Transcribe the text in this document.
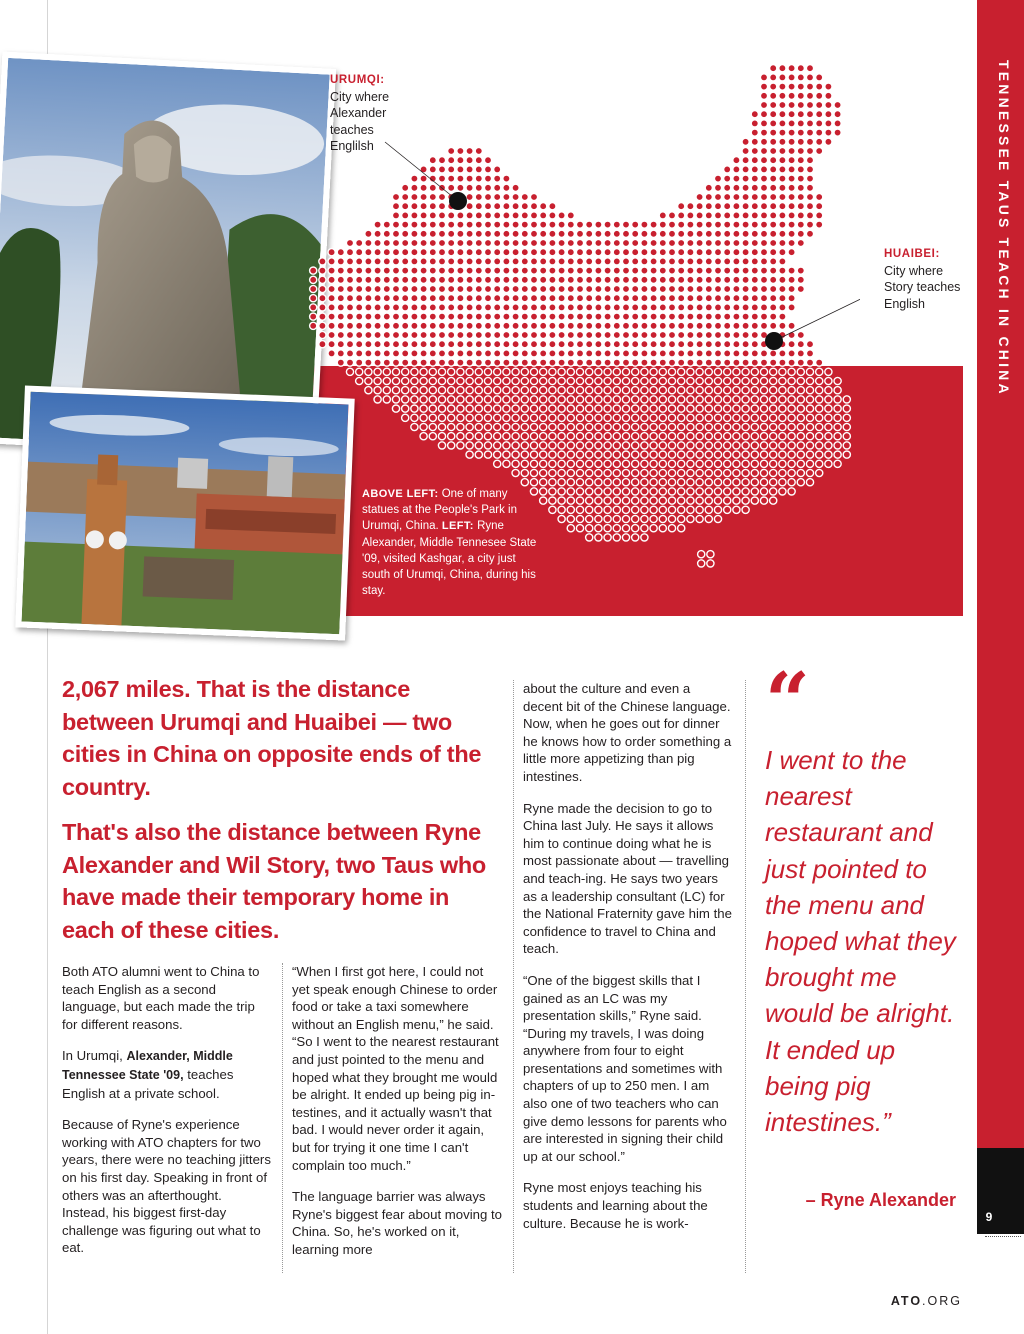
URUMQI:
City where Alexander teaches Englilsh
HUAIBEI:
City where Story teaches English
ABOVE LEFT: One of many statues at the People's Park in Urumqi, China. LEFT: Ryne Alexander, Middle Tennesee State '09, visited Kashgar, a city just south of Urumqi, China, during his stay.
TENNESSEE TAUS TEACH IN CHINA
9
2,067 miles. That is the distance between Urumqi and Huaibei — two cities in China on opposite ends of the country.
That's also the distance between Ryne Alexander and Wil Story, two Taus who have made their temporary home in each of these cities.

Both ATO alumni went to China to teach English as a second language, but each made the trip for different reasons.

In Urumqi, Alexander, Middle Tennessee State '09, teaches English at a private school.

Because of Ryne's experience working with ATO chapters for two years, there were no teaching jitters on his first day. Speaking in front of others was an afterthought. Instead, his biggest first-day challenge was figuring out what to eat.

“When I first got here, I could not yet speak enough Chinese to order food or take a taxi somewhere without an English menu,” he said. “So I went to the nearest restaurant and just pointed to the menu and hoped what they brought me would be alright. It ended up being pig in-testines, and it actually wasn't that bad. I would never order it again, but for trying it one time I can't complain too much.”

The language barrier was always Ryne's biggest fear about moving to China. So, he's worked on it, learning more

about the culture and even a decent bit of the Chinese language. Now, when he goes out for dinner he knows how to order something a little more appetizing than pig intestines.

Ryne made the decision to go to China last July. He says it allows him to continue doing what he is most passionate about — travelling and teach-ing. He says two years as a leadership consultant (LC) for the National Fraternity gave him the confidence to travel to China and teach.

“One of the biggest skills that I gained as an LC was my presentation skills,” Ryne said. “During my travels, I was doing anywhere from four to eight presentations and sometimes with chapters of up to 250 men. I am also one of two teachers who can give demo lessons for parents who are interested in signing their child up at our school.”

Ryne most enjoys teaching his students and learning about the culture. Because he is work-

“
I went to the nearest restaurant and just pointed to the menu and hoped what they brought me would be alright. It ended up being pig intestines.”
– Ryne Alexander
ATO.ORG
